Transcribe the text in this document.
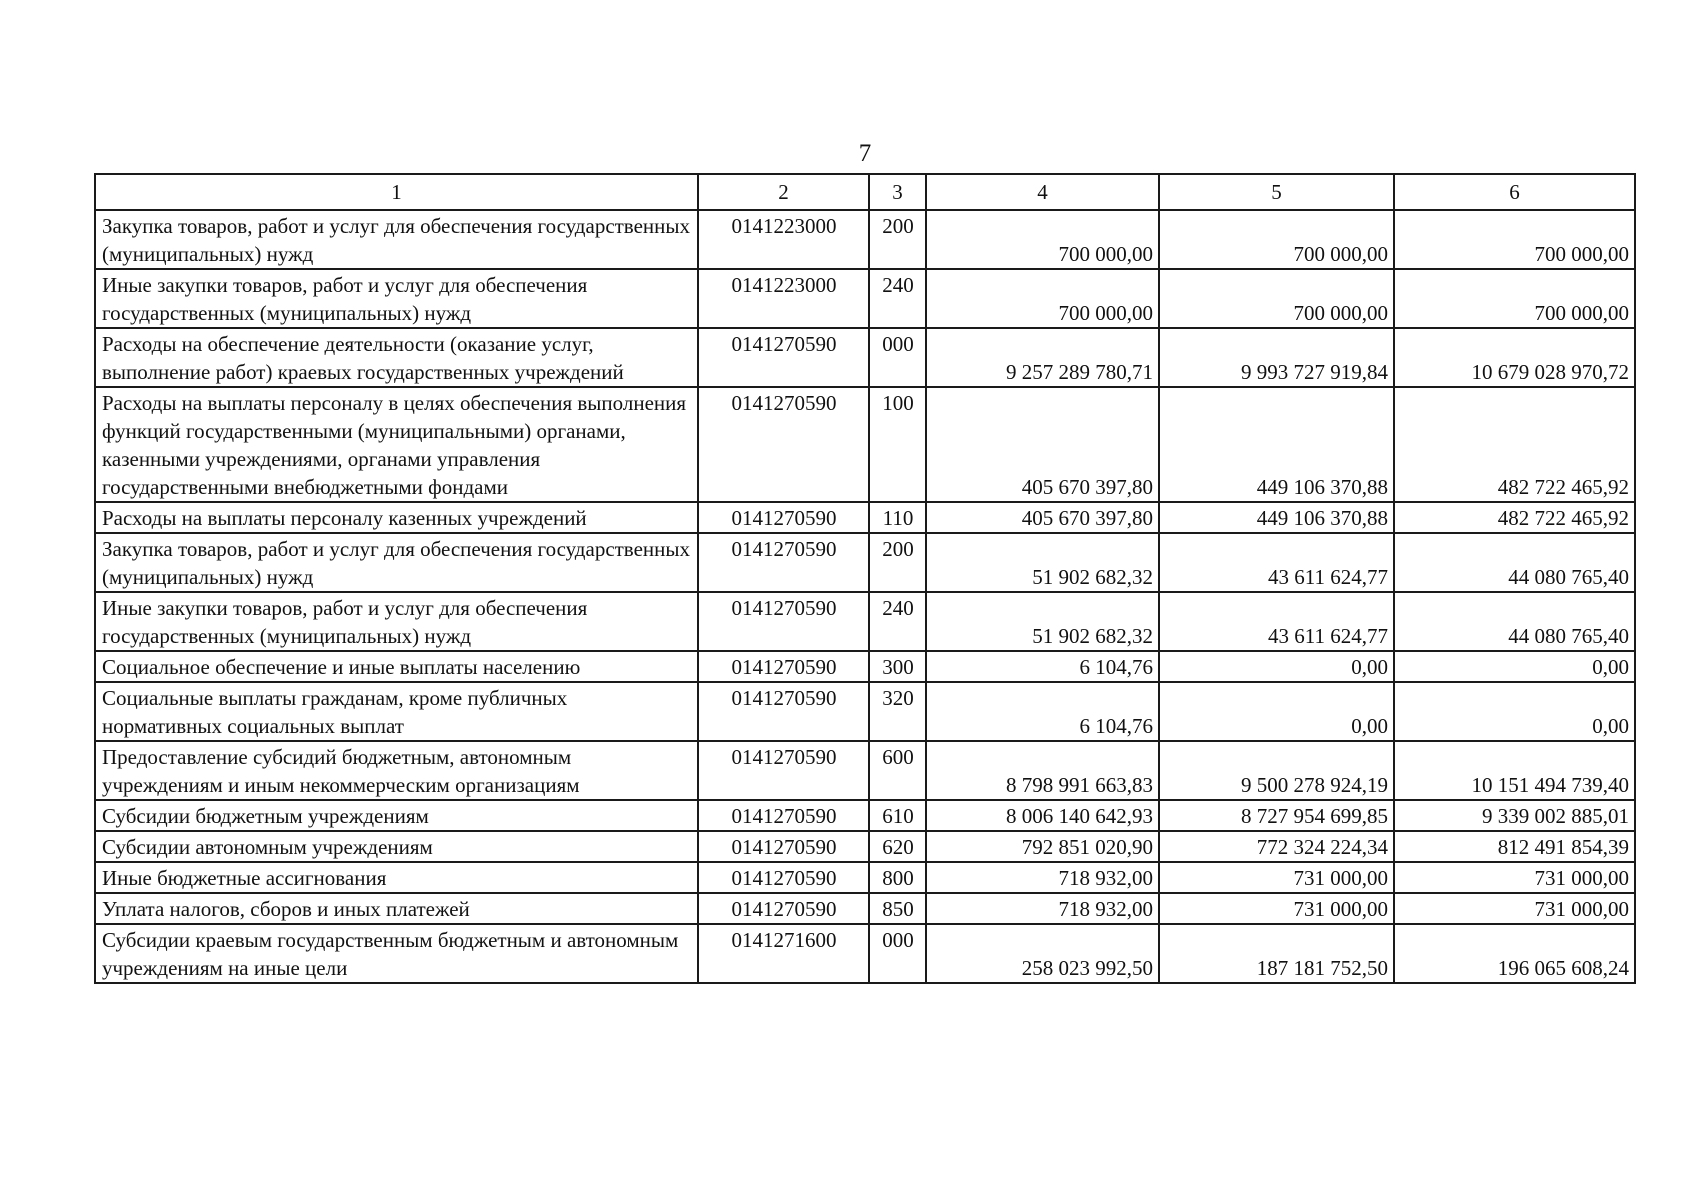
7
1	2	3	4	5	6
Закупка товаров, работ и услуг для обеспечения государственных (муниципальных) нужд	0141223000	200	700 000,00	700 000,00	700 000,00
Иные закупки товаров, работ и услуг для обеспечения государственных (муниципальных) нужд	0141223000	240	700 000,00	700 000,00	700 000,00
Расходы на обеспечение деятельности (оказание услуг, выполнение работ) краевых государственных учреждений	0141270590	000	9 257 289 780,71	9 993 727 919,84	10 679 028 970,72
Расходы на выплаты персоналу в целях обеспечения выполнения функций государственными (муниципальными) органами, казенными учреждениями, органами управления государственными внебюджетными фондами	0141270590	100	405 670 397,80	449 106 370,88	482 722 465,92
Расходы на выплаты персоналу казенных учреждений	0141270590	110	405 670 397,80	449 106 370,88	482 722 465,92
Закупка товаров, работ и услуг для обеспечения государственных (муниципальных) нужд	0141270590	200	51 902 682,32	43 611 624,77	44 080 765,40
Иные закупки товаров, работ и услуг для обеспечения государственных (муниципальных) нужд	0141270590	240	51 902 682,32	43 611 624,77	44 080 765,40
Социальное обеспечение и иные выплаты населению	0141270590	300	6 104,76	0,00	0,00
Социальные выплаты гражданам, кроме публичных нормативных социальных выплат	0141270590	320	6 104,76	0,00	0,00
Предоставление субсидий бюджетным, автономным учреждениям и иным некоммерческим организациям	0141270590	600	8 798 991 663,83	9 500 278 924,19	10 151 494 739,40
Субсидии бюджетным учреждениям	0141270590	610	8 006 140 642,93	8 727 954 699,85	9 339 002 885,01
Субсидии автономным учреждениям	0141270590	620	792 851 020,90	772 324 224,34	812 491 854,39
Иные бюджетные ассигнования	0141270590	800	718 932,00	731 000,00	731 000,00
Уплата налогов, сборов и иных платежей	0141270590	850	718 932,00	731 000,00	731 000,00
Субсидии краевым государственным бюджетным и автономным учреждениям на иные цели	0141271600	000	258 023 992,50	187 181 752,50	196 065 608,24
